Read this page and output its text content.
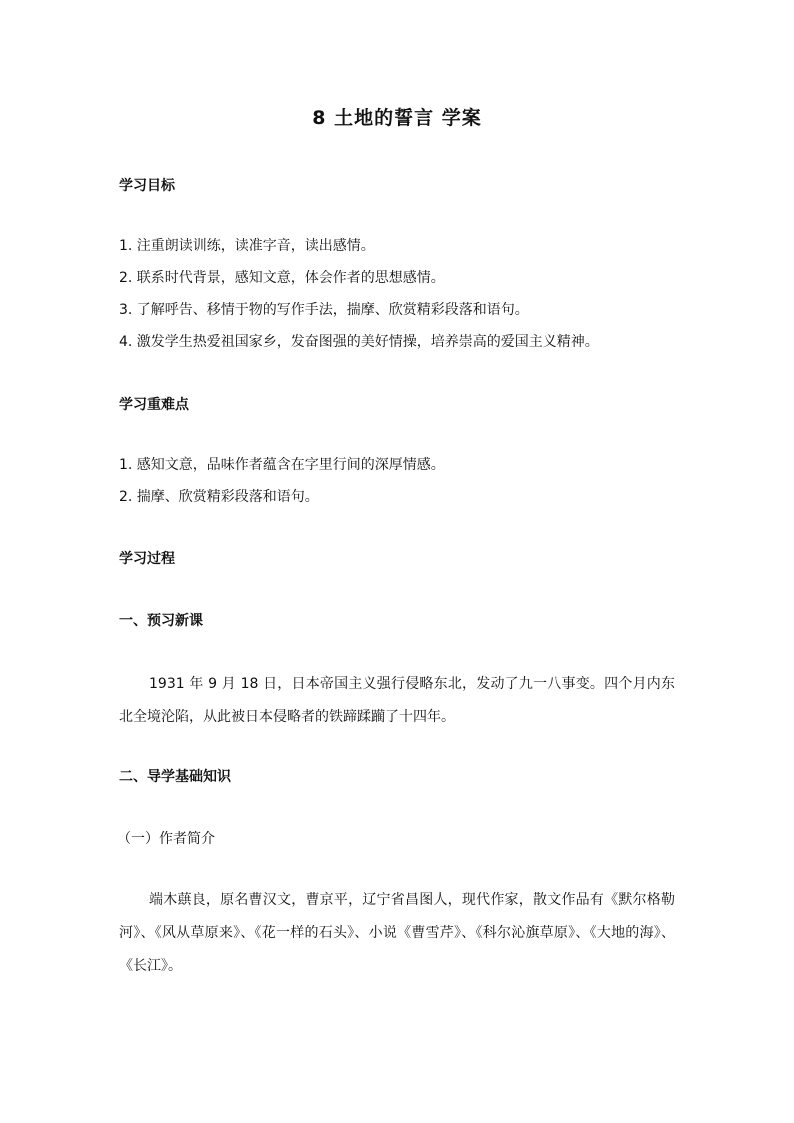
8 土地的誓言 学案
学习目标
1. 注重朗读训练，读准字音，读出感情。
2. 联系时代背景，感知文意，体会作者的思想感情。
3. 了解呼告、移情于物的写作手法，揣摩、欣赏精彩段落和语句。
4. 激发学生热爱祖国家乡，发奋图强的美好情操，培养崇高的爱国主义精神。
学习重难点
1. 感知文意，品味作者蕴含在字里行间的深厚情感。
2. 揣摩、欣赏精彩段落和语句。
学习过程
一、预习新课
1931 年 9 月 18 日，日本帝国主义强行侵略东北，发动了九一八事变。四个月内东北全境沦陷，从此被日本侵略者的铁蹄蹂躏了十四年。
二、导学基础知识
（一）作者简介
端木蕻良，原名曹汉文，曹京平，辽宁省昌图人，现代作家，散文作品有《默尔格勒河》、《风从草原来》、《花一样的石头》、小说《曹雪芹》、《科尔沁旗草原》、《大地的海》、《长江》。
